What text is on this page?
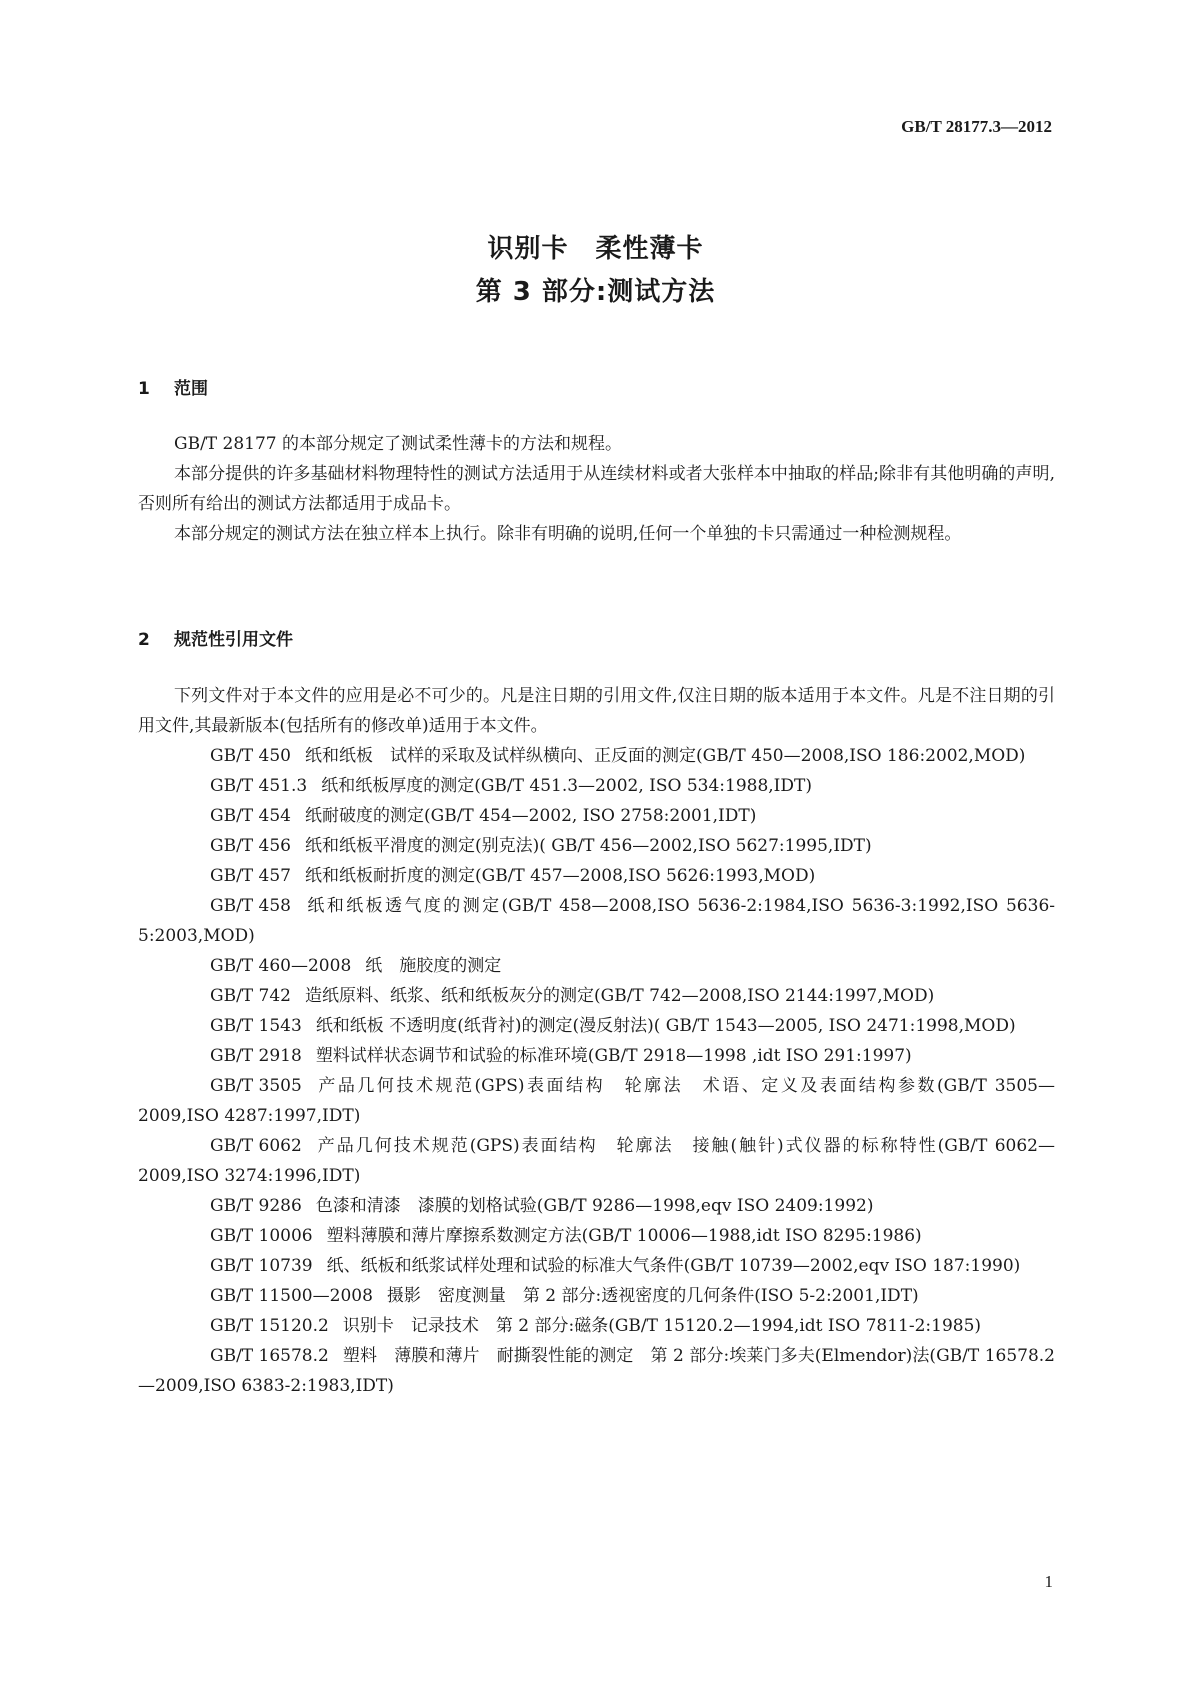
GB/T 28177.3—2012
识别卡　柔性薄卡
第 3 部分:测试方法
1 范围

GB/T 28177 的本部分规定了测试柔性薄卡的方法和规程。

本部分提供的许多基础材料物理特性的测试方法适用于从连续材料或者大张样本中抽取的样品;除非有其他明确的声明,否则所有给出的测试方法都适用于成品卡。

本部分规定的测试方法在独立样本上执行。除非有明确的说明,任何一个单独的卡只需通过一种检测规程。

2 规范性引用文件

下列文件对于本文件的应用是必不可少的。凡是注日期的引用文件,仅注日期的版本适用于本文件。凡是不注日期的引用文件,其最新版本(包括所有的修改单)适用于本文件。

GB/T 450 纸和纸板　试样的采取及试样纵横向、正反面的测定(GB/T 450—2008,ISO 186:2002,MOD)

GB/T 451.3 纸和纸板厚度的测定(GB/T 451.3—2002, ISO 534:1988,IDT)

GB/T 454 纸耐破度的测定(GB/T 454—2002, ISO 2758:2001,IDT)

GB/T 456 纸和纸板平滑度的测定(别克法)( GB/T 456—2002,ISO 5627:1995,IDT)

GB/T 457 纸和纸板耐折度的测定(GB/T 457—2008,ISO 5626:1993,MOD)

GB/T 458 纸和纸板透气度的测定(GB/T 458—2008,ISO 5636-2:1984,ISO 5636-3:1992,ISO 5636-5:2003,MOD)

GB/T 460—2008 纸　施胶度的测定

GB/T 742 造纸原料、纸浆、纸和纸板灰分的测定(GB/T 742—2008,ISO 2144:1997,MOD)

GB/T 1543 纸和纸板 不透明度(纸背衬)的测定(漫反射法)( GB/T 1543—2005, ISO 2471:1998,MOD)

GB/T 2918 塑料试样状态调节和试验的标准环境(GB/T 2918—1998 ,idt ISO 291:1997)

GB/T 3505 产品几何技术规范(GPS)表面结构　轮廓法　术语、定义及表面结构参数(GB/T 3505—2009,ISO 4287:1997,IDT)

GB/T 6062 产品几何技术规范(GPS)表面结构　轮廓法　接触(触针)式仪器的标称特性(GB/T 6062—2009,ISO 3274:1996,IDT)

GB/T 9286 色漆和清漆　漆膜的划格试验(GB/T 9286—1998,eqv ISO 2409:1992)

GB/T 10006 塑料薄膜和薄片摩擦系数测定方法(GB/T 10006—1988,idt ISO 8295:1986)

GB/T 10739 纸、纸板和纸浆试样处理和试验的标准大气条件(GB/T 10739—2002,eqv ISO 187:1990)

GB/T 11500—2008 摄影　密度测量　第 2 部分:透视密度的几何条件(ISO 5-2:2001,IDT)

GB/T 15120.2 识别卡　记录技术　第 2 部分:磁条(GB/T 15120.2—1994,idt ISO 7811-2:1985)

GB/T 16578.2 塑料　薄膜和薄片　耐撕裂性能的测定　第 2 部分:埃莱门多夫(Elmendor)法(GB/T 16578.2—2009,ISO 6383-2:1983,IDT)

1
